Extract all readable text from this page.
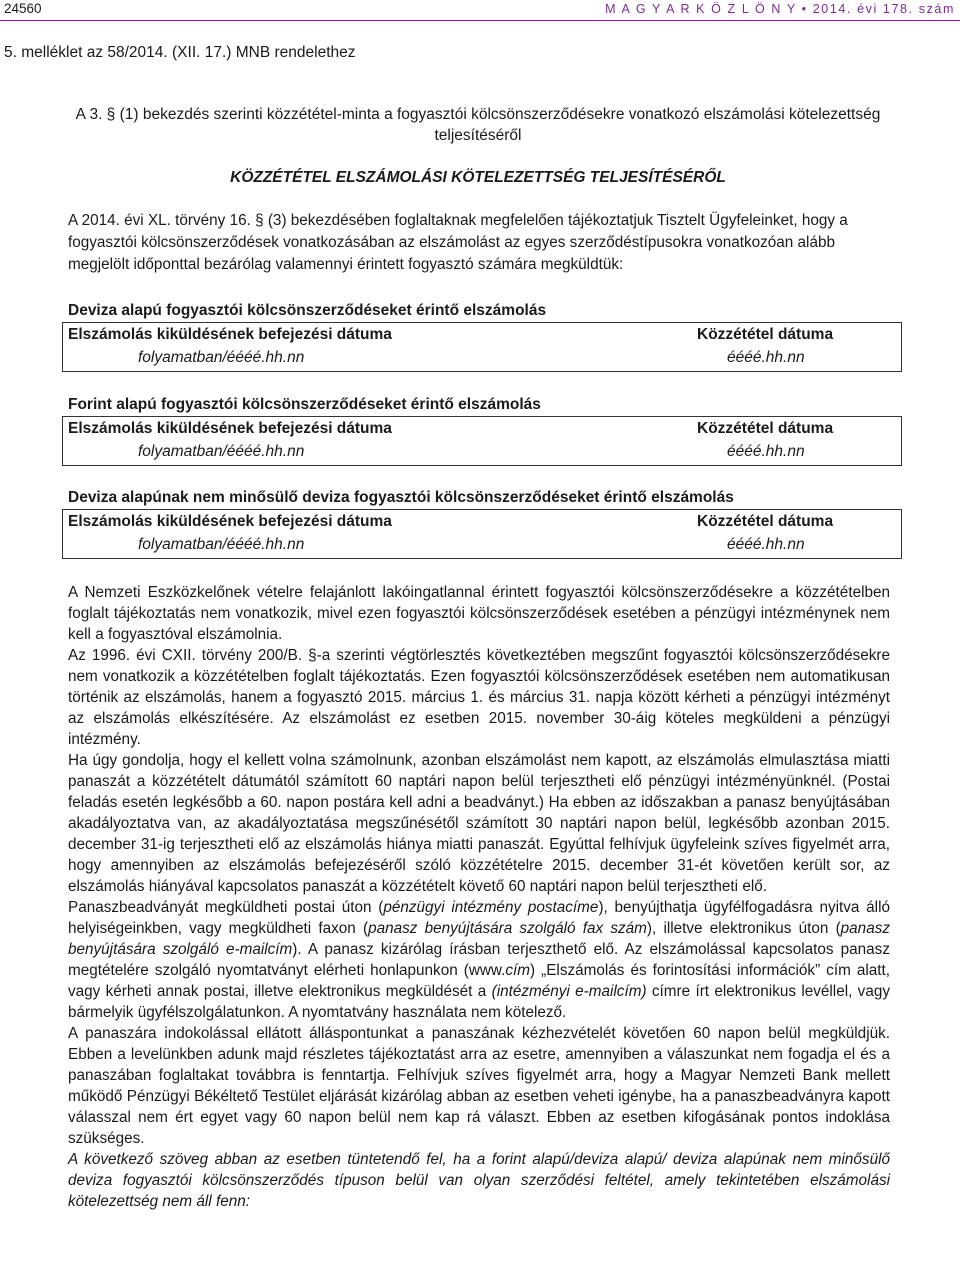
24560	M A G Y A R K Ö Z L Ö N Y • 2014. évi 178. szám
5. melléklet az 58/2014. (XII. 17.) MNB rendelethez
A 3. § (1) bekezdés szerinti közzététel-minta a fogyasztói kölcsönszerződésekre vonatkozó elszámolási kötelezettség teljesítéséről
KÖZZÉTÉTEL ELSZÁMOLÁSI KÖTELEZETTSÉG TELJESÍTÉSÉRŐL
A 2014. évi XL. törvény 16. § (3) bekezdésében foglaltaknak megfelelően tájékoztatjuk Tisztelt Ügyfeleinket, hogy a fogyasztói kölcsönszerződések vonatkozásában az elszámolást az egyes szerződéstípusokra vonatkozóan alább megjelölt időponttal bezárólag valamennyi érintett fogyasztó számára megküldtük:
Deviza alapú fogyasztói kölcsönszerződéseket érintő elszámolás
Elszámolás kiküldésének befejezési dátuma	Közzététel dátuma
folyamatban/éééé.hh.nn	éééé.hh.nn
Forint alapú fogyasztói kölcsönszerződéseket érintő elszámolás
Elszámolás kiküldésének befejezési dátuma	Közzététel dátuma
folyamatban/éééé.hh.nn	éééé.hh.nn
Deviza alapúnak nem minősülő deviza fogyasztói kölcsönszerződéseket érintő elszámolás
Elszámolás kiküldésének befejezési dátuma	Közzététel dátuma
folyamatban/éééé.hh.nn	éééé.hh.nn

A Nemzeti Eszközkelőnek vételre felajánlott lakóingatlannal érintett fogyasztói kölcsönszerződésekre a közzétételben foglalt tájékoztatás nem vonatkozik, mivel ezen fogyasztói kölcsönszerződések esetében a pénzügyi intézménynek nem kell a fogyasztóval elszámolnia.

Az 1996. évi CXII. törvény 200/B. §-a szerinti végtörlesztés következtében megszűnt fogyasztói kölcsönszerződésekre nem vonatkozik a közzétételben foglalt tájékoztatás. Ezen fogyasztói kölcsönszerződések esetében nem automatikusan történik az elszámolás, hanem a fogyasztó 2015. március 1. és március 31. napja között kérheti a pénzügyi intézményt az elszámolás elkészítésére. Az elszámolást ez esetben 2015. november 30-áig köteles megküldeni a pénzügyi intézmény.

Ha úgy gondolja, hogy el kellett volna számolnunk, azonban elszámolást nem kapott, az elszámolás elmulasztása miatti panaszát a közzétételt dátumától számított 60 naptári napon belül terjesztheti elő pénzügyi intézményünknél. (Postai feladás esetén legkésőbb a 60. napon postára kell adni a beadványt.) Ha ebben az időszakban a panasz benyújtásában akadályoztatva van, az akadályoztatása megszűnésétől számított 30 naptári napon belül, legkésőbb azonban 2015. december 31-ig terjesztheti elő az elszámolás hiánya miatti panaszát. Egyúttal felhívjuk ügyfeleink szíves figyelmét arra, hogy amennyiben az elszámolás befejezéséről szóló közzétételre 2015. december 31-ét követően került sor, az elszámolás hiányával kapcsolatos panaszát a közzétételt követő 60 naptári napon belül terjesztheti elő.

Panaszbeadványát megküldheti postai úton (pénzügyi intézmény postacíme), benyújthatja ügyfélfogadásra nyitva álló helyiségeinkben, vagy megküldheti faxon (panasz benyújtására szolgáló fax szám), illetve elektronikus úton (panasz benyújtására szolgáló e-mailcím). A panasz kizárólag írásban terjeszthető elő. Az elszámolással kapcsolatos panasz megtételére szolgáló nyomtatványt elérheti honlapunkon (www.cím) „Elszámolás és forintosítási információk” cím alatt, vagy kérheti annak postai, illetve elektronikus megküldését a (intézményi e-mailcím) címre írt elektronikus levéllel, vagy bármelyik ügyfélszolgálatunkon. A nyomtatvány használata nem kötelező.

A panaszára indokolással ellátott álláspontunkat a panaszának kézhezvételét követően 60 napon belül megküldjük. Ebben a levelünkben adunk majd részletes tájékoztatást arra az esetre, amennyiben a válaszunkat nem fogadja el és a panaszában foglaltakat továbbra is fenntartja. Felhívjuk szíves figyelmét arra, hogy a Magyar Nemzeti Bank mellett működő Pénzügyi Békéltető Testület eljárását kizárólag abban az esetben veheti igénybe, ha a panaszbeadványra kapott válasszal nem ért egyet vagy 60 napon belül nem kap rá választ. Ebben az esetben kifogásának pontos indoklása szükséges.

A következő szöveg abban az esetben tüntetendő fel, ha a forint alapú/deviza alapú/ deviza alapúnak nem minősülő deviza fogyasztói kölcsönszerződés típuson belül van olyan szerződési feltétel, amely tekintetében elszámolási kötelezettség nem áll fenn:
